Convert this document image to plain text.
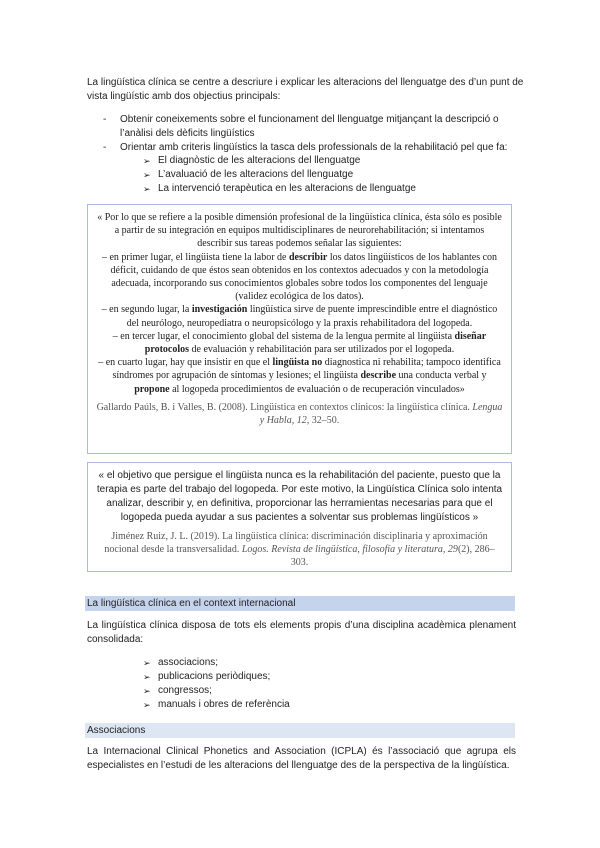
La lingüística clínica se centre a descriure i explicar les alteracions del llenguatge des d’un punt de vista lingüístic amb dos objectius principals:

-	Obtenir coneixements sobre el funcionament del llenguatge mitjançant la descripció o l’anàlisi dels dèficits lingüístics
-	Orientar amb criteris lingüístics la tasca dels professionals de la rehabilitació pel que fa:
➢ El diagnòstic de les alteracions del llenguatge
➢ L’avaluació de les alteracions del llenguatge
➢ La intervenció terapèutica en les alteracions de llenguatge

« Por lo que se refiere a la posible dimensión profesional de la lingüística clínica, ésta sólo es posible a partir de su integración en equipos multidisciplinares de neurorehabilitación; si intentamos describir sus tareas podemos señalar las siguientes:

– en primer lugar, el lingüista tiene la labor de describir los datos lingüísticos de los hablantes con déficit, cuidando de que éstos sean obtenidos en los contextos adecuados y con la metodología adecuada, incorporando sus conocimientos globales sobre todos los componentes del lenguaje (validez ecológica de los datos).

– en segundo lugar, la investigación lingüística sirve de puente imprescindible entre el diagnóstico del neurólogo, neuropediatra o neuropsicólogo y la praxis rehabilitadora del logopeda.

– en tercer lugar, el conocimiento global del sistema de la lengua permite al lingüista diseñar protocolos de evaluación y rehabilitación para ser utilizados por el logopeda.

– en cuarto lugar, hay que insistir en que el lingüista no diagnostica ni rehabilita; tampoco identifica síndromes por agrupación de síntomas y lesiones; el lingüista describe una conducta verbal y propone al logopeda procedimientos de evaluación o de recuperación vinculados»

Gallardo Paúls, B. i Valles, B. (2008). Lingüística en contextos clínicos: la lingüística clínica. Lengua y Habla, 12, 32–50.

« el objetivo que persigue el lingüista nunca es la rehabilitación del paciente, puesto que la terapia es parte del trabajo del logopeda. Por este motivo, la Lingüística Clínica solo intenta analizar, describir y, en definitiva, proporcionar las herramientas necesarias para que el logopeda pueda ayudar a sus pacientes a solventar sus problemas lingüísticos »

Jiménez Ruiz, J. L. (2019). La lingüística clínica: discriminación disciplinaria y aproximación nocional desde la transversalidad. Logos. Revista de lingüística, filosofía y literatura, 29(2), 286–303.

La lingüística clínica en el context internacional

La lingüística clínica disposa de tots els elements propis d’una disciplina acadèmica plenament consolidada:

➢ associacions;
➢ publicacions periòdiques;
➢ congressos;
➢ manuals i obres de referència
Associacions

La Internacional Clinical Phonetics and Association (ICPLA) és l’associació que agrupa els especialistes en l’estudi de les alteracions del llenguatge des de la perspectiva de la lingüística.
